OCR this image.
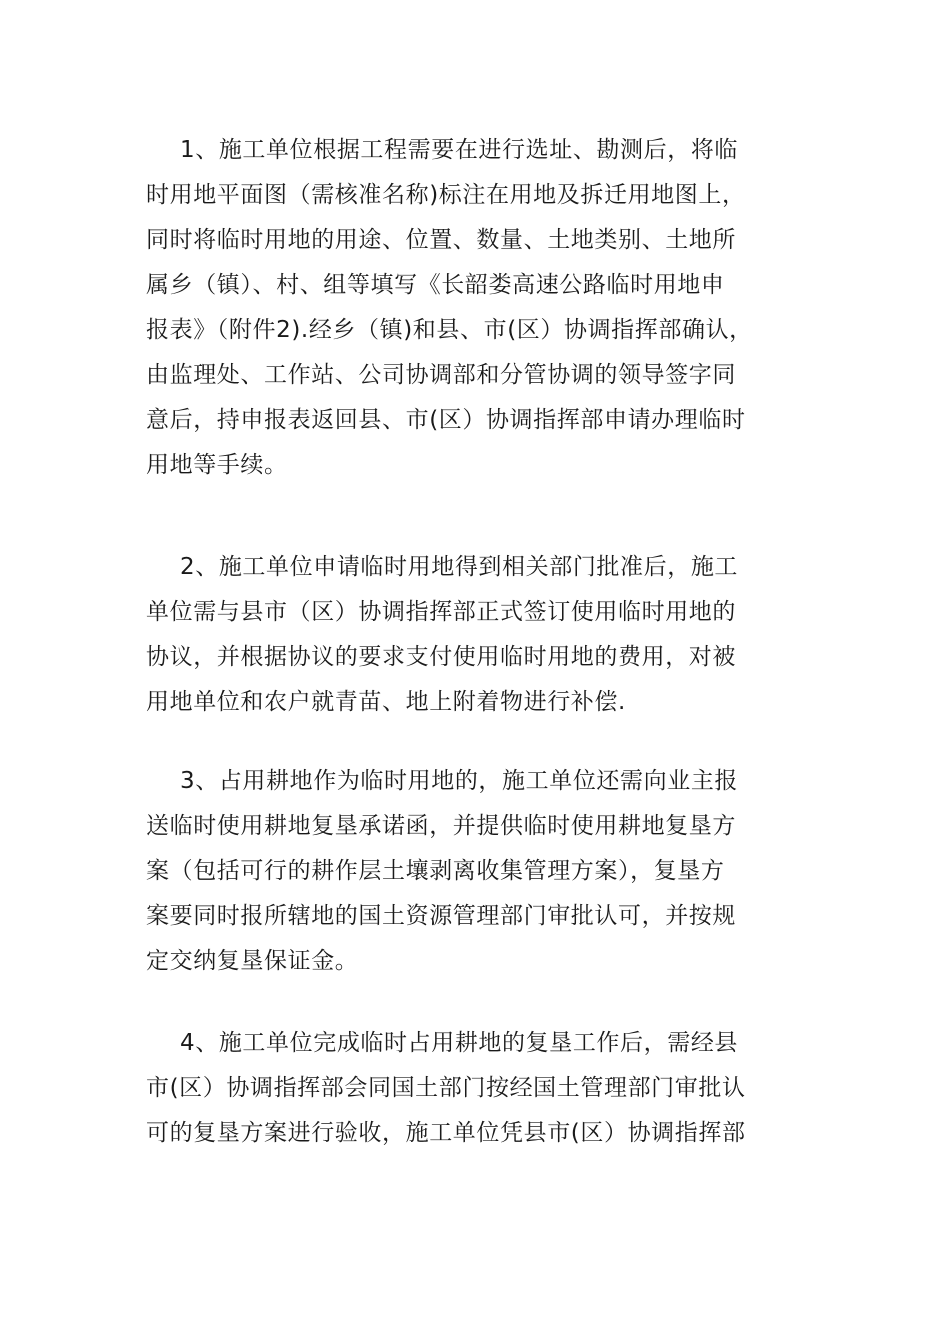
1、施工单位根据工程需要在进行选址、勘测后，将临
时用地平面图（需核准名称)标注在用地及拆迁用地图上，
同时将临时用地的用途、位置、数量、土地类别、土地所
属乡（镇）、村、组等填写《长韶娄高速公路临时用地申
报表》（附件2).经乡（镇)和县、市(区）协调指挥部确认，
由监理处、工作站、公司协调部和分管协调的领导签字同
意后，持申报表返回县、市(区）协调指挥部申请办理临时
用地等手续。
2、施工单位申请临时用地得到相关部门批准后，施工
单位需与县市（区）协调指挥部正式签订使用临时用地的
协议，并根据协议的要求支付使用临时用地的费用，对被
用地单位和农户就青苗、地上附着物进行补偿.
3、占用耕地作为临时用地的，施工单位还需向业主报
送临时使用耕地复垦承诺函，并提供临时使用耕地复垦方
案（包括可行的耕作层土壤剥离收集管理方案），复垦方
案要同时报所辖地的国土资源管理部门审批认可，并按规
定交纳复垦保证金。
4、施工单位完成临时占用耕地的复垦工作后，需经县
市(区）协调指挥部会同国土部门按经国土管理部门审批认
可的复垦方案进行验收，施工单位凭县市(区）协调指挥部
